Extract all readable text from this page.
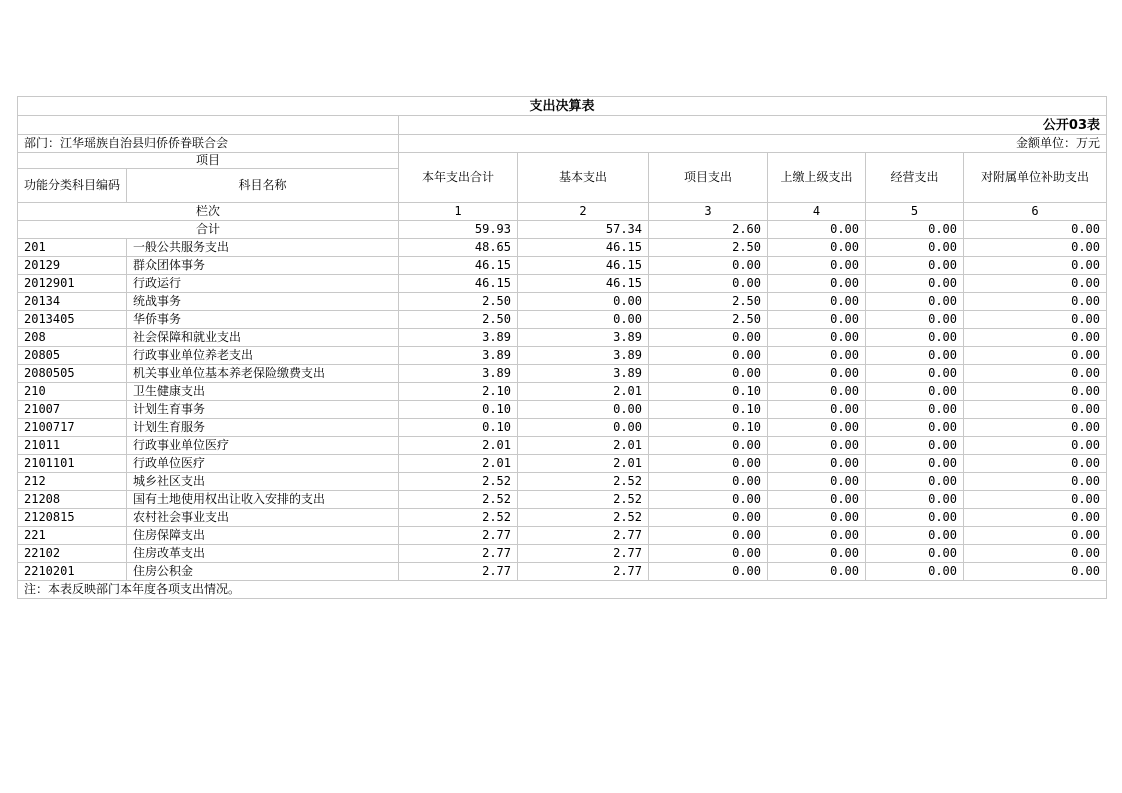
支出决算表							
		公开03表					
部门：江华瑶族自治县归侨侨眷联合会		金额单位：万元					
项目		本年支出合计	基本支出	项目支出	上缴上级支出	经营支出	对附属单位补助支出
功能分类科目编码	科目名称						
栏次		1	2	3	4	5	6
合计		59.93	57.34	2.60	0.00	0.00	0.00
201	一般公共服务支出	48.65	46.15	2.50	0.00	0.00	0.00
20129	群众团体事务	46.15	46.15	0.00	0.00	0.00	0.00
2012901	行政运行	46.15	46.15	0.00	0.00	0.00	0.00
20134	统战事务	2.50	0.00	2.50	0.00	0.00	0.00
2013405	华侨事务	2.50	0.00	2.50	0.00	0.00	0.00
208	社会保障和就业支出	3.89	3.89	0.00	0.00	0.00	0.00
20805	行政事业单位养老支出	3.89	3.89	0.00	0.00	0.00	0.00
2080505	机关事业单位基本养老保险缴费支出	3.89	3.89	0.00	0.00	0.00	0.00
210	卫生健康支出	2.10	2.01	0.10	0.00	0.00	0.00
21007	计划生育事务	0.10	0.00	0.10	0.00	0.00	0.00
2100717	计划生育服务	0.10	0.00	0.10	0.00	0.00	0.00
21011	行政事业单位医疗	2.01	2.01	0.00	0.00	0.00	0.00
2101101	行政单位医疗	2.01	2.01	0.00	0.00	0.00	0.00
212	城乡社区支出	2.52	2.52	0.00	0.00	0.00	0.00
21208	国有土地使用权出让收入安排的支出	2.52	2.52	0.00	0.00	0.00	0.00
2120815	农村社会事业支出	2.52	2.52	0.00	0.00	0.00	0.00
221	住房保障支出	2.77	2.77	0.00	0.00	0.00	0.00
22102	住房改革支出	2.77	2.77	0.00	0.00	0.00	0.00
2210201	住房公积金	2.77	2.77	0.00	0.00	0.00	0.00
注：本表反映部门本年度各项支出情况。							
